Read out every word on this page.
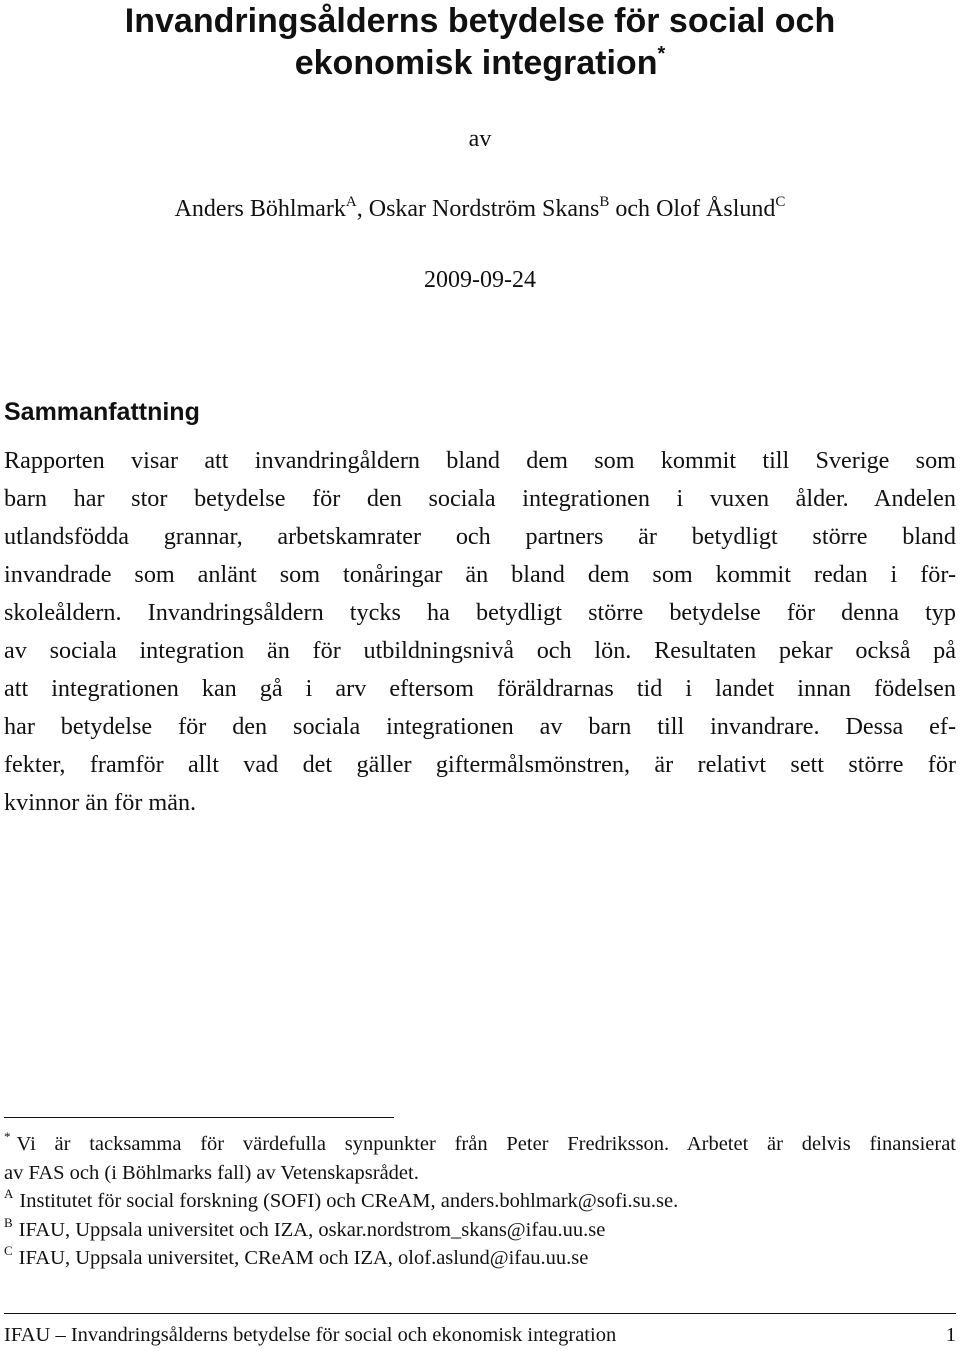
Invandringsålderns betydelse för social och
ekonomisk integration*
av
Anders Böhlmark$^A$, Oskar Nordström Skans$^B$ och Olof Åslund$^C$
2009-09-24
Sammanfattning
Rapporten visar att invandringåldern bland dem som kommit till Sverige som
barn har stor betydelse för den sociala integrationen i vuxen ålder. Andelen
utlandsfödda grannar, arbetskamrater och partners är betydligt större bland
invandrade som anlänt som tonåringar än bland dem som kommit redan i för-
skoleåldern. Invandringsåldern tycks ha betydligt större betydelse för denna typ
av sociala integration än för utbildningsnivå och lön. Resultaten pekar också på
att integrationen kan gå i arv eftersom föräldrarnas tid i landet innan födelsen
har betydelse för den sociala integrationen av barn till invandrare. Dessa ef-
fekter, framför allt vad det gäller giftermålsmönstren, är relativt sett större för
kvinnor än för män.
* Vi är tacksamma för värdefulla synpunkter från Peter Fredriksson. Arbetet är delvis finansierat
av FAS och (i Böhlmarks fall) av Vetenskapsrådet.
$^A$ Institutet för social forskning (SOFI) och CReAM, anders.bohlmark@sofi.su.se.
$^B$ IFAU, Uppsala universitet och IZA, oskar.nordstrom_skans@ifau.uu.se
$^C$ IFAU, Uppsala universitet, CReAM och IZA, olof.aslund@ifau.uu.se
IFAU – Invandringsålderns betydelse för social och ekonomisk integration	1
